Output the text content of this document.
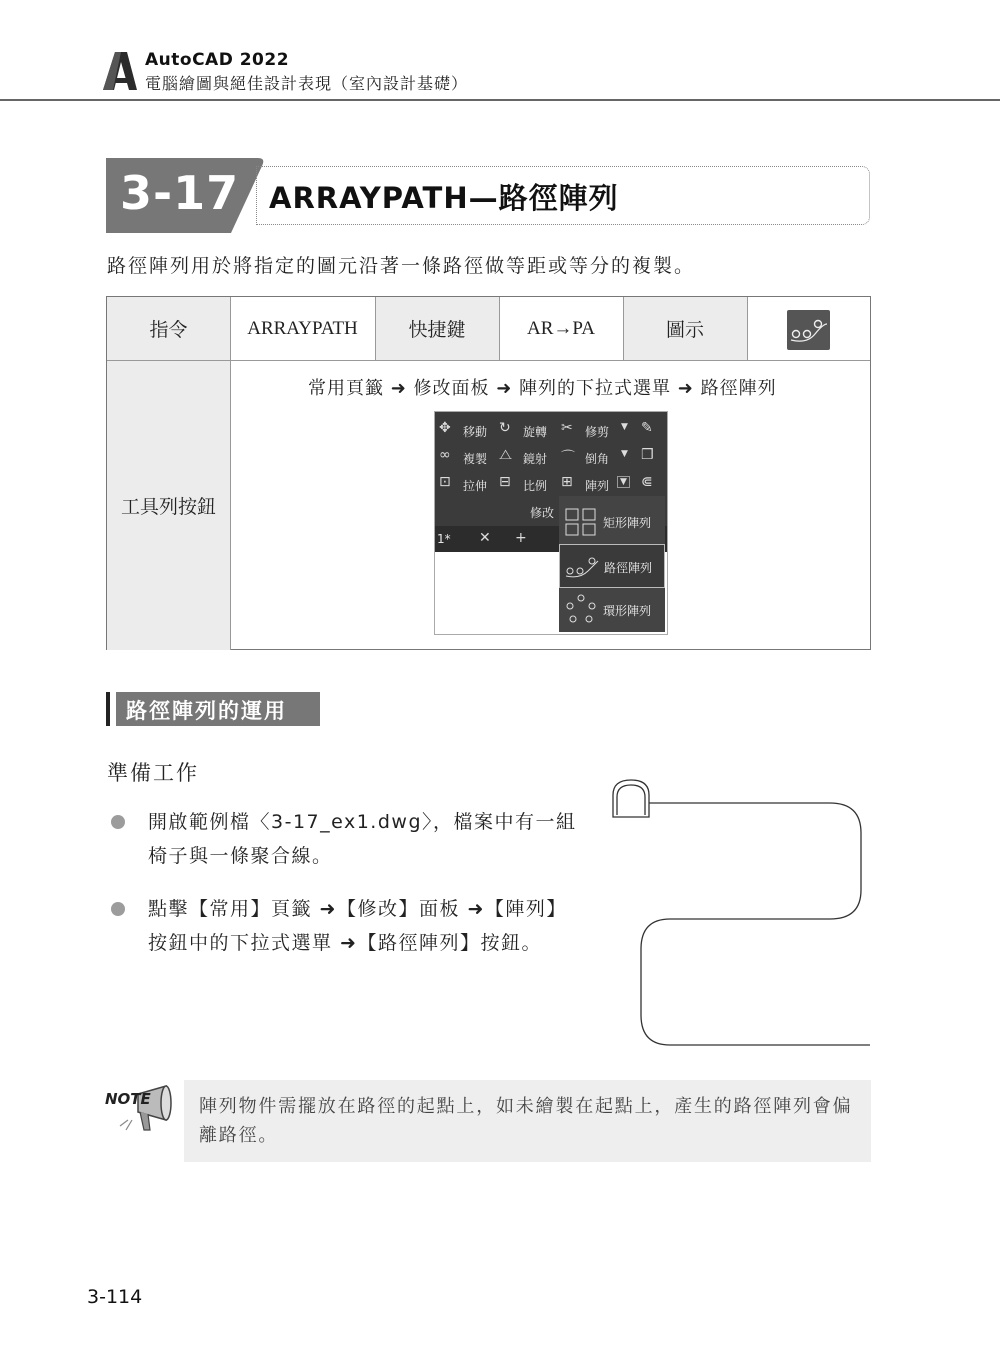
AutoCAD 2022
電腦繪圖與絕佳設計表現（室內設計基礎）
3-17 ARRAYPATH—路徑陣列
路徑陣列用於將指定的圖元沿著一條路徑做等距或等分的複製。
指令	ARRAYPATH	快捷鍵	AR→PA	圖示
工具列按鈕
常用頁籤 ➜ 修改面板 ➜ 陣列的下拉式選單 ➜ 路徑陣列
✥ 移動 ↻ 旋轉 ✂ 修剪 ▼ ✎
∞ 複製 ⧍ 鏡射 ⌒ 倒角 ▼ ❒
⊡ 拉伸 ⊟ 比例 ⊞ 陣列	▼ ⋐
修改
1* ✕ +
矩形陣列
路徑陣列
環形陣列
路徑陣列的運用
準備工作
開啟範例檔〈3-17_ex1.dwg〉，檔案中有一組
椅子與一條聚合線。
點擊【常用】頁籤 ➜【修改】面板 ➜【陣列】
按鈕中的下拉式選單 ➜【路徑陣列】按鈕。
NOTE	陣列物件需擺放在路徑的起點上，如未繪製在起點上，產生的路徑陣列會偏離路徑。
3-114
